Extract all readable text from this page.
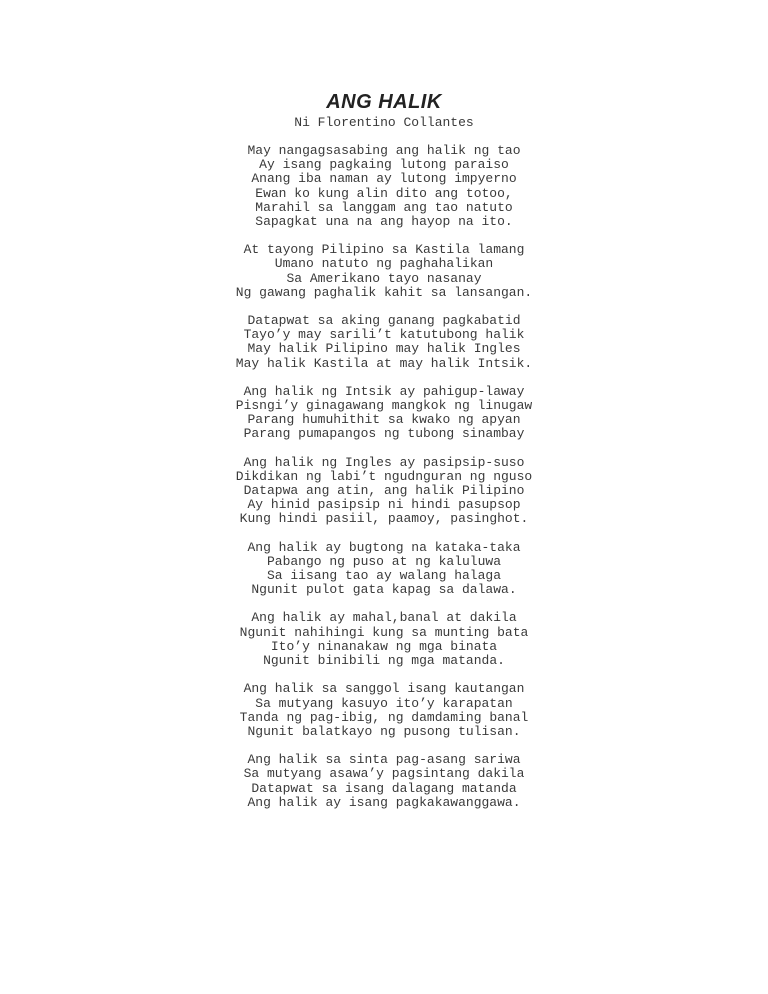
ANG HALIK

Ni Florentino Collantes

May nangagsasabing ang halik ng tao
Ay isang pagkaing lutong paraiso
Anang iba naman ay lutong impyerno
Ewan ko kung alin dito ang totoo,
Marahil sa langgam ang tao natuto
Sapagkat una na ang hayop na ito.
At tayong Pilipino sa Kastila lamang
Umano natuto ng paghahalikan
Sa Amerikano tayo nasanay
Ng gawang paghalik kahit sa lansangan.
Datapwat sa aking ganang pagkabatid
Tayo’y may sarili’t katutubong halik
May halik Pilipino may halik Ingles
May halik Kastila at may halik Intsik.
Ang halik ng Intsik ay pahigup-laway
Pisngi’y ginagawang mangkok ng linugaw
Parang humuhithit sa kwako ng apyan
Parang pumapangos ng tubong sinambay
Ang halik ng Ingles ay pasipsip-suso
Dikdikan ng labi’t ngudnguran ng nguso
Datapwa ang atin, ang halik Pilipino
Ay hinid pasipsip ni hindi pasupsop
Kung hindi pasiil, paamoy, pasinghot.
Ang halik ay bugtong na kataka-taka
Pabango ng puso at ng kaluluwa
Sa iisang tao ay walang halaga
Ngunit pulot gata kapag sa dalawa.
Ang halik ay mahal,banal at dakila
Ngunit nahihingi kung sa munting bata
Ito’y ninanakaw ng mga binata
Ngunit binibili ng mga matanda.
Ang halik sa sanggol isang kautangan
Sa mutyang kasuyo ito’y karapatan
Tanda ng pag-ibig, ng damdaming banal
Ngunit balatkayo ng pusong tulisan.
Ang halik sa sinta pag-asang sariwa
Sa mutyang asawa’y pagsintang dakila
Datapwat sa isang dalagang matanda
Ang halik ay isang pagkakawanggawa.
